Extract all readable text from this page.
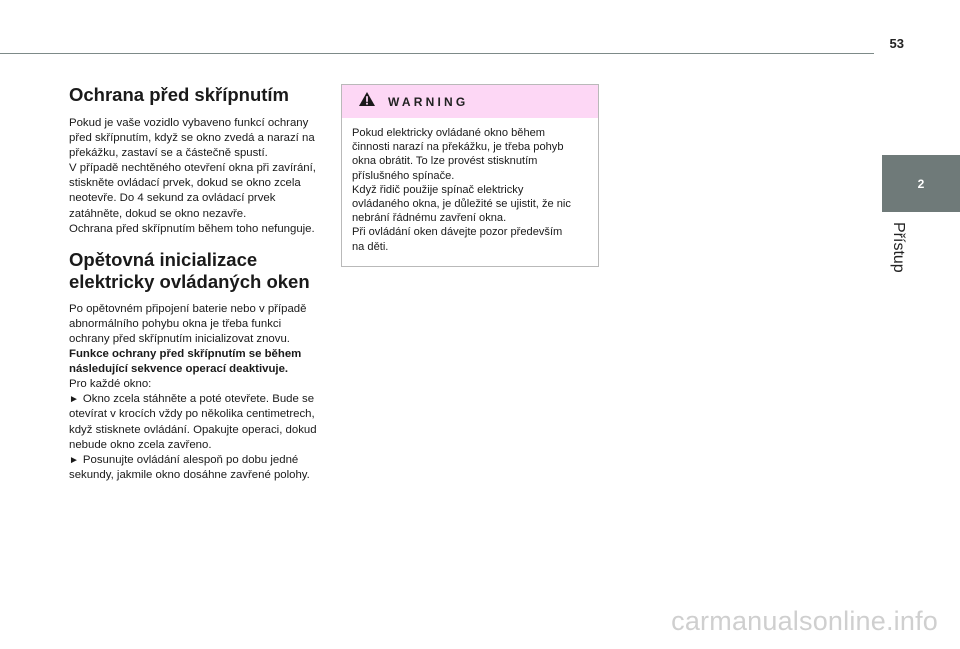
53
2
Přístup
Ochrana před skřípnutím
Pokud je vaše vozidlo vybaveno funkcí ochrany
před skřípnutím, když se okno zvedá a narazí na
překážku, zastaví se a částečně spustí.
V případě nechtěného otevření okna při zavírání,
stiskněte ovládací prvek, dokud se okno zcela
neotevře. Do 4 sekund za ovládací prvek
zatáhněte, dokud se okno nezavře.
Ochrana před skřípnutím během toho nefunguje.
Opětovná inicializace
elektricky ovládaných oken
Po opětovném připojení baterie nebo v případě
abnormálního pohybu okna je třeba funkci
ochrany před skřípnutím inicializovat znovu.
Funkce ochrany před skřípnutím se během
následující sekvence operací deaktivuje.
Pro každé okno:
► Okno zcela stáhněte a poté otevřete. Bude se
otevírat v krocích vždy po několika centimetrech,
když stisknete ovládání. Opakujte operaci, dokud
nebude okno zcela zavřeno.
► Posunujte ovládání alespoň po dobu jedné
sekundy, jakmile okno dosáhne zavřené polohy.
WARNING
Pokud elektricky ovládané okno během
činnosti narazí na překážku, je třeba pohyb
okna obrátit. To lze provést stisknutím
příslušného spínače.
Když řidič použije spínač elektricky
ovládaného okna, je důležité se ujistit, že nic
nebrání řádnému zavření okna.
Při ovládání oken dávejte pozor především
na děti.
carmanualsonline.info
